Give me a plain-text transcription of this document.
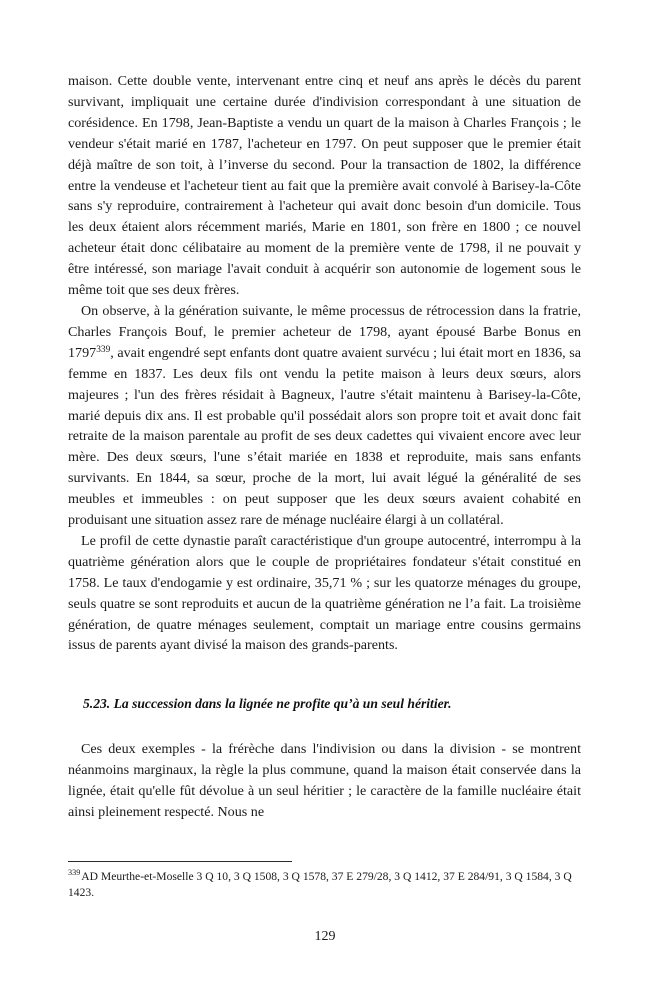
maison. Cette double vente, intervenant entre cinq et neuf ans après le décès du parent survivant, impliquait une certaine durée d'indivision correspondant à une situation de corésidence. En 1798, Jean-Baptiste a vendu un quart de la maison à Charles François ; le vendeur s'était marié en 1787, l'acheteur en 1797. On peut supposer que le premier était déjà maître de son toit, à l’inverse du second. Pour la transaction de 1802, la différence entre la vendeuse et l'acheteur tient au fait que la première avait convolé à Barisey-la-Côte sans s'y reproduire, contrairement à l'acheteur qui avait donc besoin d'un domicile. Tous les deux étaient alors récemment mariés, Marie en 1801, son frère en 1800 ; ce nouvel acheteur était donc célibataire au moment de la première vente de 1798, il ne pouvait y être intéressé, son mariage l'avait conduit à acquérir son autonomie de logement sous le même toit que ses deux frères.

On observe, à la génération suivante, le même processus de rétrocession dans la fratrie, Charles François Bouf, le premier acheteur de 1798, ayant épousé Barbe Bonus en 1797$^{339}$, avait engendré sept enfants dont quatre avaient survécu ; lui était mort en 1836, sa femme en 1837. Les deux fils ont vendu la petite maison à leurs deux sœurs, alors majeures ; l'un des frères résidait à Bagneux, l'autre s'était maintenu à Barisey-la-Côte, marié depuis dix ans. Il est probable qu'il possédait alors son propre toit et avait donc fait retraite de la maison parentale au profit de ses deux cadettes qui vivaient encore avec leur mère. Des deux sœurs, l'une s’était mariée en 1838 et reproduite, mais sans enfants survivants. En 1844, sa sœur, proche de la mort, lui avait légué la généralité de ses meubles et immeubles : on peut supposer que les deux sœurs avaient cohabité en produisant une situation assez rare de ménage nucléaire élargi à un collatéral.

Le profil de cette dynastie paraît caractéristique d'un groupe autocentré, interrompu à la quatrième génération alors que le couple de propriétaires fondateur s'était constitué en 1758. Le taux d'endogamie y est ordinaire, 35,71 % ; sur les quatorze ménages du groupe, seuls quatre se sont reproduits et aucun de la quatrième génération ne l’a fait. La troisième génération, de quatre ménages seulement, comptait un mariage entre cousins germains issus de parents ayant divisé la maison des grands-parents.

5.23. La succession dans la lignée ne profite qu’à un seul héritier.

Ces deux exemples - la frérèche dans l'indivision ou dans la division - se montrent néanmoins marginaux, la règle la plus commune, quand la maison était conservée dans la lignée, était qu'elle fût dévolue à un seul héritier ; le caractère de la famille nucléaire était ainsi pleinement respecté. Nous ne

$^{339}$AD Meurthe-et-Moselle 3 Q 10, 3 Q 1508, 3 Q 1578, 37 E 279/28, 3 Q 1412, 37 E 284/91, 3 Q 1584, 3 Q 1423.

129
